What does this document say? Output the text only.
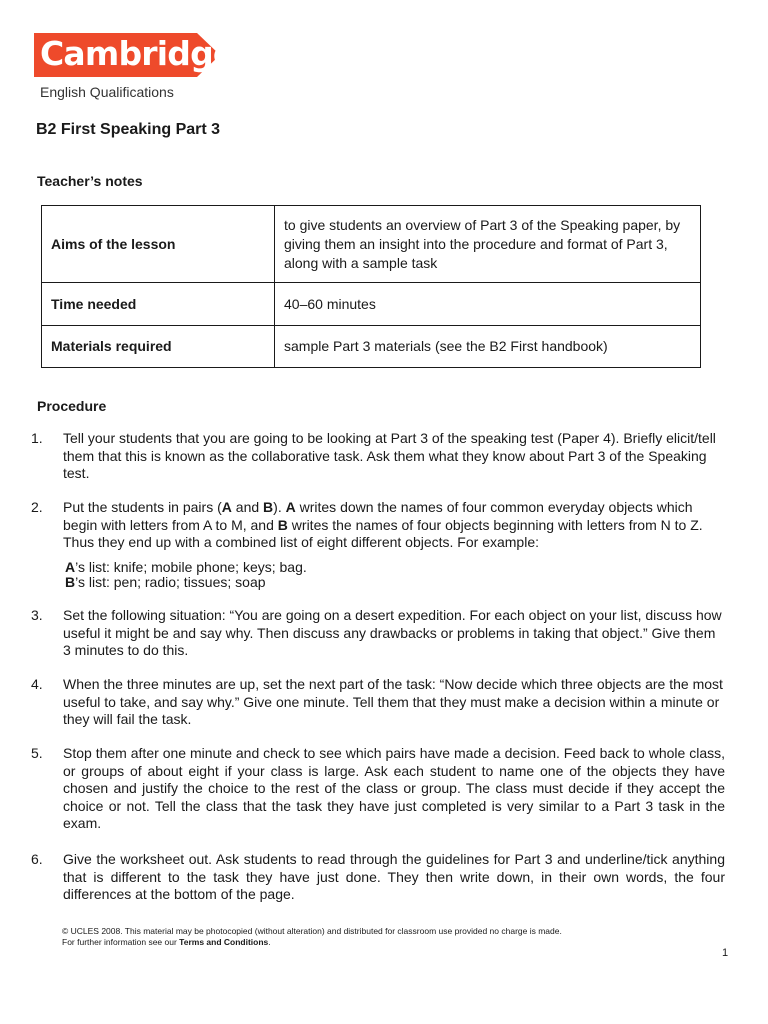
Cambridge
English Qualifications
B2 First Speaking Part 3
Teacher’s notes
Aims of the lesson	to give students an overview of Part 3 of the Speaking paper, by giving them an insight into the procedure and format of Part 3, along with a sample task
Time needed	40–60 minutes
Materials required	sample Part 3 materials (see the B2 First handbook)
Procedure
1. Tell your students that you are going to be looking at Part 3 of the speaking test (Paper 4). Briefly elicit/tell them that this is known as the collaborative task. Ask them what they know about Part 3 of the Speaking test.

2. Put the students in pairs (A and B). A writes down the names of four common everyday objects which begin with letters from A to M, and B writes the names of four objects beginning with letters from N to Z. Thus they end up with a combined list of eight different objects. For example:

A’s list: knife; mobile phone; keys; bag.
B’s list: pen; radio; tissues; soap

3. Set the following situation: “You are going on a desert expedition. For each object on your list, discuss how useful it might be and say why. Then discuss any drawbacks or problems in taking that object.” Give them 3 minutes to do this.

4. When the three minutes are up, set the next part of the task: “Now decide which three objects are the most useful to take, and say why.” Give one minute. Tell them that they must make a decision within a minute or they will fail the task.

5. Stop them after one minute and check to see which pairs have made a decision. Feed back to whole class, or groups of about eight if your class is large. Ask each student to name one of the objects they have chosen and justify the choice to the rest of the class or group. The class must decide if they accept the choice or not. Tell the class that the task they have just completed is very similar to a Part 3 task in the exam.

6. Give the worksheet out. Ask students to read through the guidelines for Part 3 and underline/tick anything that is different to the task they have just done. They then write down, in their own words, the four differences at the bottom of the page.

© UCLES 2008. This material may be photocopied (without alteration) and distributed for classroom use provided no charge is made.
For further information see our Terms and Conditions.
1
